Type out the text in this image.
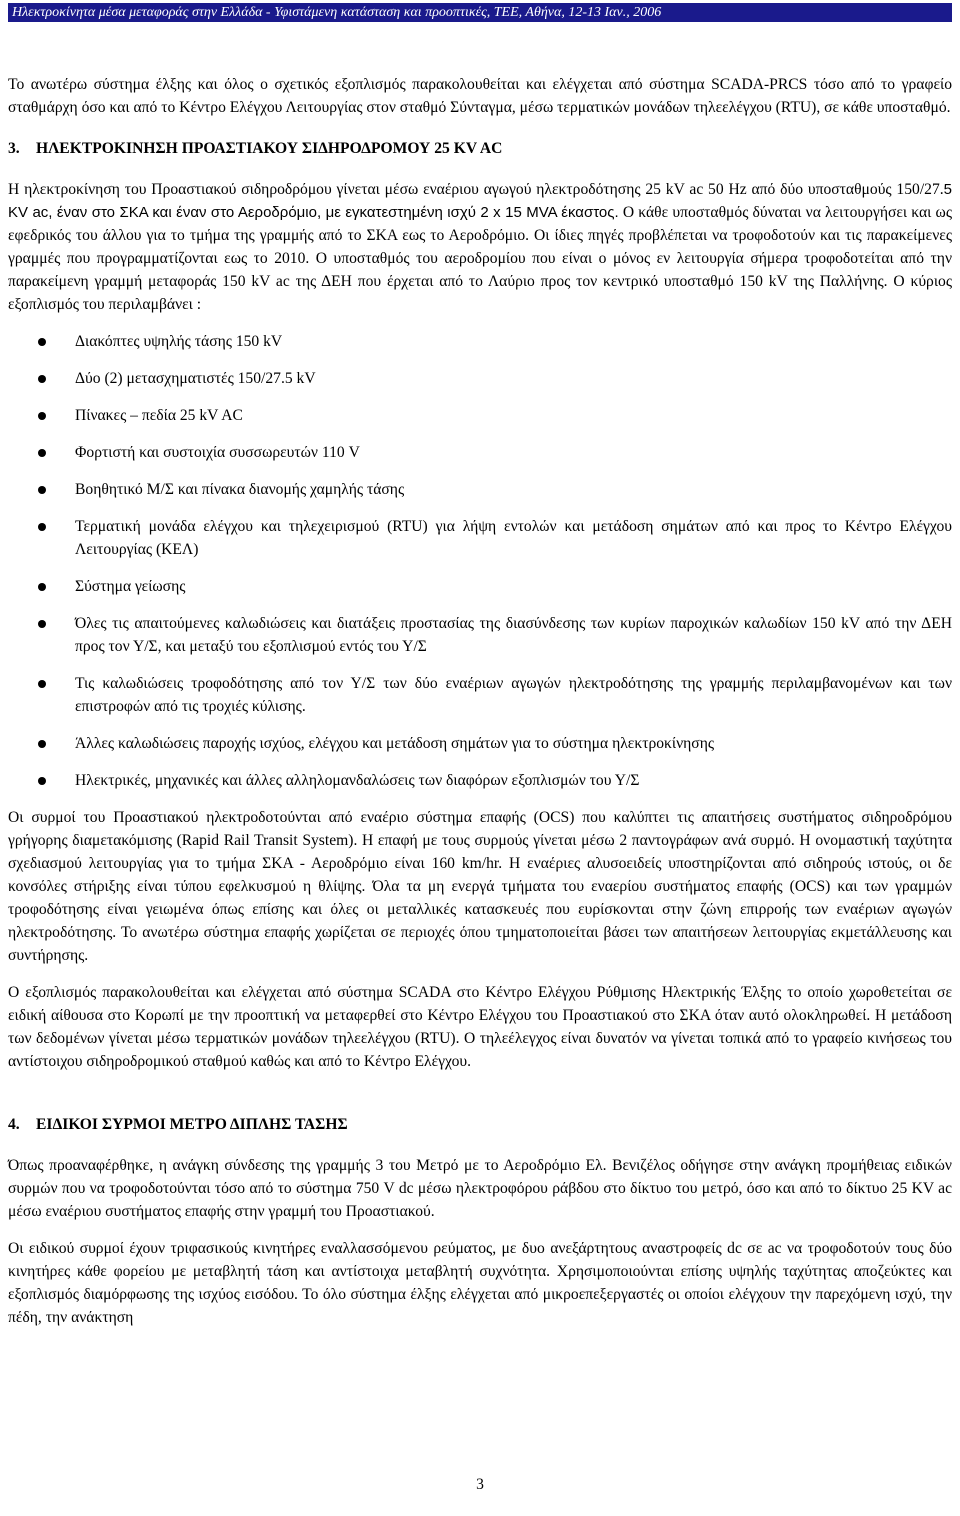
Ηλεκτροκίνητα μέσα μεταφοράς στην Ελλάδα - Υφιστάμενη κατάσταση και προοπτικές, ΤΕΕ, Αθήνα, 12-13 Ιαν., 2006

Το ανωτέρω σύστημα έλξης και όλος ο σχετικός εξοπλισμός παρακολουθείται και ελέγχεται από σύστημα SCADA-PRCS τόσο από το γραφείο σταθμάρχη όσο και από το Κέντρο Ελέγχου Λειτουργίας στον σταθμό Σύνταγμα, μέσω τερματικών μονάδων τηλεελέγχου (RTU), σε κάθε υποσταθμό.

3. ΗΛΕΚΤΡΟΚΙΝΗΣΗ ΠΡΟΑΣΤΙΑΚΟΥ ΣΙΔΗΡΟΔΡΟΜΟΥ 25 KV AC

Η ηλεκτροκίνηση του Προαστιακού σιδηροδρόμου γίνεται μέσω εναέριου αγωγού ηλεκτροδότησης 25 kV ac 50 Hz από δύο υποσταθμούς 150/27.5 KV ac, έναν στο ΣΚΑ και έναν στο Αεροδρόμιο, με εγκατεστημένη ισχύ 2 x 15 MVA έκαστος. Ο κάθε υποσταθμός δύναται να λειτουργήσει και ως εφεδρικός του άλλου για το τμήμα της γραμμής από το ΣΚΑ εως το Αεροδρόμιο. Οι ίδιες πηγές προβλέπεται να τροφοδοτούν και τις παρακείμενες γραμμές που προγραμματίζονται εως το 2010. Ο υποσταθμός του αεροδρομίου που είναι ο μόνος εν λειτουργία σήμερα τροφοδοτείται από την παρακείμενη γραμμή μεταφοράς 150 kV ac της ΔΕΗ που έρχεται από το Λαύριο προς τον κεντρικό υποσταθμό 150 kV της Παλλήνης. Ο κύριος εξοπλισμός του περιλαμβάνει :

Διακόπτες υψηλής τάσης 150 kV
Δύο (2) μετασχηματιστές 150/27.5 kV
Πίνακες – πεδία 25 kV AC
Φορτιστή και συστοιχία συσσωρευτών 110 V
Βοηθητικό Μ/Σ και πίνακα διανομής χαμηλής τάσης
Τερματική μονάδα ελέγχου και τηλεχειρισμού (RTU) για λήψη εντολών και μετάδοση σημάτων από και προς το Κέντρο Ελέγχου Λειτουργίας (ΚΕΛ)
Σύστημα γείωσης
Όλες τις απαιτούμενες καλωδιώσεις και διατάξεις προστασίας της διασύνδεσης των κυρίων παροχικών καλωδίων 150 kV από την ΔΕΗ προς τον Υ/Σ, και μεταξύ του εξοπλισμού εντός του Υ/Σ
Τις καλωδιώσεις τροφοδότησης από τον Υ/Σ των δύο εναέριων αγωγών ηλεκτροδότησης της γραμμής περιλαμβανομένων και των επιστροφών από τις τροχιές κύλισης.
Άλλες καλωδιώσεις παροχής ισχύος, ελέγχου και μετάδοση σημάτων για το σύστημα ηλεκτροκίνησης
Ηλεκτρικές, μηχανικές και άλλες αλληλομανδαλώσεις των διαφόρων εξοπλισμών του Υ/Σ

Οι συρμοί του Προαστιακού ηλεκτροδοτούνται από εναέριο σύστημα επαφής (OCS) που καλύπτει τις απαιτήσεις συστήματος σιδηροδρόμου γρήγορης διαμετακόμισης (Rapid Rail Transit System). Η επαφή με τους συρμούς γίνεται μέσω 2 παντογράφων ανά συρμό. Η ονομαστική ταχύτητα σχεδιασμού λειτουργίας για το τμήμα ΣΚΑ - Αεροδρόμιο είναι 160 km/hr. Η εναέριες αλυσοειδείς υποστηρίζονται από σιδηρούς ιστούς, οι δε κονσόλες στήριξης είναι τύπου εφελκυσμού η θλίψης. Όλα τα μη ενεργά τμήματα του εναερίου συστήματος επαφής (OCS) και των γραμμών τροφοδότησης είναι γειωμένα όπως επίσης και όλες οι μεταλλικές κατασκευές που ευρίσκονται στην ζώνη επιρροής των εναέριων αγωγών ηλεκτροδότησης. Το ανωτέρω σύστημα επαφής χωρίζεται σε περιοχές όπου τμηματοποιείται βάσει των απαιτήσεων λειτουργίας εκμετάλλευσης και συντήρησης.

Ο εξοπλισμός παρακολουθείται και ελέγχεται από σύστημα SCADA στο Κέντρο Ελέγχου Ρύθμισης Ηλεκτρικής Έλξης το οποίο χωροθετείται σε ειδική αίθουσα στο Κορωπί με την προοπτική να μεταφερθεί στο Κέντρο Ελέγχου του Προαστιακού στο ΣΚΑ όταν αυτό ολοκληρωθεί. Η μετάδοση των δεδομένων γίνεται μέσω τερματικών μονάδων τηλεελέγχου (RTU). Ο τηλεέλεγχος είναι δυνατόν να γίνεται τοπικά από το γραφείο κινήσεως του αντίστοιχου σιδηροδρομικού σταθμού καθώς και από το Κέντρο Ελέγχου.

4. ΕΙΔΙΚΟΙ ΣΥΡΜΟΙ ΜΕΤΡΟ ΔΙΠΛΗΣ ΤΑΣΗΣ

Όπως προαναφέρθηκε, η ανάγκη σύνδεσης της γραμμής 3 του Μετρό με το Αεροδρόμιο Ελ. Βενιζέλος οδήγησε στην ανάγκη προμήθειας ειδικών συρμών που να τροφοδοτούνται τόσο από το σύστημα 750 V dc μέσω ηλεκτροφόρου ράβδου στο δίκτυο του μετρό, όσο και από το δίκτυο 25 KV ac μέσω εναέριου συστήματος επαφής στην γραμμή του Προαστιακού.

Οι ειδικού συρμοί έχουν τριφασικούς κινητήρες εναλλασσόμενου ρεύματος, με δυο ανεξάρτητους αναστροφείς dc σε ac να τροφοδοτούν τους δύο κινητήρες κάθε φορείου με μεταβλητή τάση και αντίστοιχα μεταβλητή συχνότητα. Χρησιμοποιούνται επίσης υψηλής ταχύτητας αποζεύκτες και εξοπλισμός διαμόρφωσης της ισχύος εισόδου. Το όλο σύστημα έλξης ελέγχεται από μικροεπεξεργαστές οι οποίοι ελέγχουν την παρεχόμενη ισχύ, την πέδη, την ανάκτηση

3
